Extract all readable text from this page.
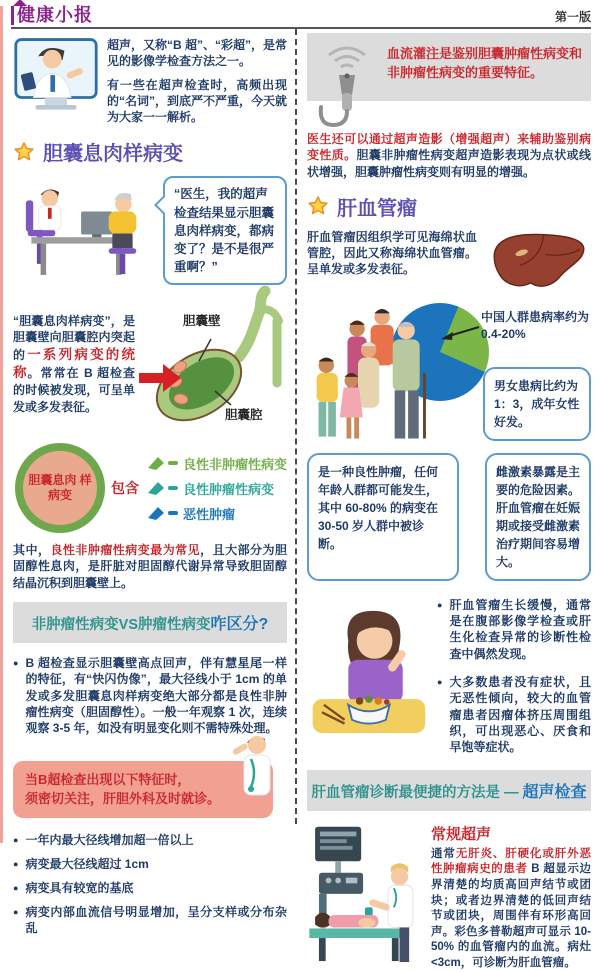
健康小报	第一版
超声，又称“B 超”、“彩超”，是常见的影像学检查方法之一。
有一些在超声检查时，高频出现的“名词”，到底严不严重，今天就为大家一一解析。
胆囊息肉样病变
“医生，我的超声检查结果显示胆囊息肉样病变，都病变了？是不是很严重啊？”
“胆囊息肉样病变”，是胆囊壁向胆囊腔内突起的一系列病变的统称。常常在 B 超检查的时候被发现，可呈单发或多发表征。
胆囊壁
胆囊腔
胆囊息肉 样病变	包含
良性非肿瘤性病变
良性肿瘤性病变
恶性肿瘤
其中，良性非肿瘤性病变最为常见，且大部分为胆固醇性息肉，是肝脏对胆固醇代谢异常导致胆固醇结晶沉积到胆囊壁上。
非肿瘤性病变VS肿瘤性病变咋区分?
● B 超检查显示胆囊壁高点回声，伴有慧星尾一样的特征，有“快闪伪像”，最大径线小于 1cm 的单发或多发胆囊息肉样病变绝大部分都是良性非肿瘤性病变（胆固醇性）。一般一年观察 1 次，连续观察 3-5 年，如没有明显变化则不需特殊处理。
当B超检查出现以下特征时，
须密切关注，肝胆外科及时就诊。
● 一年内最大径线增加超一倍以上
● 病变最大径线超过 1cm
● 病变具有较宽的基底
● 病变内部血流信号明显增加，呈分支样或分布杂乱
血流灌注是鉴别胆囊肿瘤性病变和非肿瘤性病变的重要特征。
医生还可以通过超声造影（增强超声）来辅助鉴别病变性质。胆囊非肿瘤性病变超声造影表现为点状或线状增强，胆囊肿瘤性病变则有明显的增强。
肝血管瘤
肝血管瘤因组织学可见海绵状血管腔，因此又称海绵状血管瘤。呈单发或多发表征。
中国人群患病率约为 0.4-20%
男女患病比约为 1：3，成年女性好发。
是一种良性肿瘤，任何年龄人群都可能发生，其中 60-80% 的病变在 30-50 岁人群中被诊断。
雌激素暴露是主要的危险因素。肝血管瘤在妊娠期或接受雌激素治疗期间容易增大。
● 肝血管瘤生长缓慢，通常是在腹部影像学检查或肝生化检查异常的诊断性检查中偶然发现。
● 大多数患者没有症状，且无恶性倾向，较大的血管瘤患者因瘤体挤压周围组织，可出现恶心、厌食和早饱等症状。
肝血管瘤诊断最便捷的方法是 — 超声检查
常规超声
通常无肝炎、肝硬化或肝外恶性肿瘤病史的患者 B 超显示边界清楚的均质高回声结节或团块；或者边界清楚的低回声结节或团块，周围伴有环形高回声。彩色多普勒超声可显示 10-50% 的血管瘤内的血流。病灶 <3cm，可诊断为肝血管瘤。
